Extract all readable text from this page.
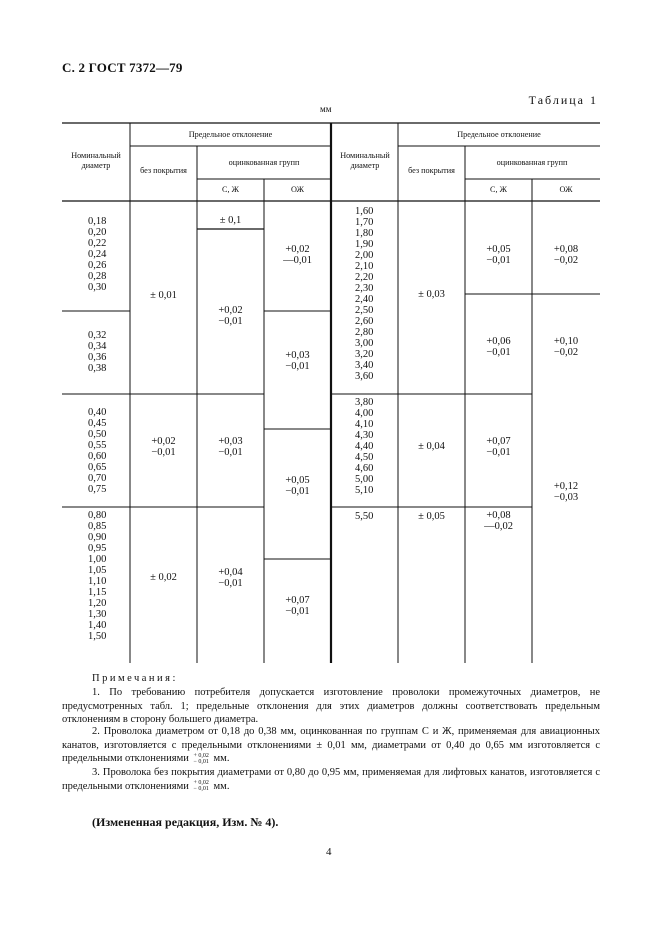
С. 2 ГОСТ 7372—79
Таблица 1
мм
Номинальный диаметр
Предельное отклонение
без покрытия
оцинкованная групп
С, Ж	ОЖ
Номинальный диаметр
Предельное отклонение
без покрытия
оцинкованная групп
С, Ж	ОЖ
0,18
0,20
0,22
0,24
0,26
0,28
0,30
0,32
0,34
0,36
0,38
0,40
0,45
0,50
0,55
0,60
0,65
0,70
0,75
0,80
0,85
0,90
0,95
1,00
1,05
1,10
1,15
1,20
1,30
1,40
1,50
± 0,01
+0,02
−0,01
± 0,02
± 0,1
+0,02
−0,01
+0,03
−0,01
+0,04
−0,01
+0,02
—0,01
+0,03
−0,01
+0,05
−0,01
+0,07
−0,01
1,60
1,70
1,80
1,90
2,00
2,10
2,20
2,30
2,40
2,50
2,60
2,80
3,00
3,20
3,40
3,60
3,80
4,00
4,10
4,30
4,40
4,50
4,60
5,00
5,10
5,50
± 0,03
± 0,04
± 0,05
+0,05
−0,01
+0,06
−0,01
+0,07
−0,01
+0,08
—0,02
+0,08
−0,02
+0,10
−0,02
+0,12
−0,03
Примечания:
1. По требованию потребителя допускается изготовление проволоки промежуточных диаметров, не предусмотренных табл. 1; предельные отклонения для этих диаметров должны соответствовать предельным отклонениям в сторону большего диаметра.
2. Проволока диаметром от 0,18 до 0,38 мм, оцинкованная по группам С и Ж, применяемая для авиационных канатов, изготовляется с предельными отклонениями ± 0,01 мм, диаметрами от 0,40 до 0,65 мм изготовляется с предельными отклонениями + 0,02
− 0,01 мм.
3. Проволока без покрытия диаметрами от 0,80 до 0,95 мм, применяемая для лифтовых канатов, изготовляется с предельными отклонениями + 0,02
− 0,01 мм.
(Измененная редакция, Изм. № 4).
4
